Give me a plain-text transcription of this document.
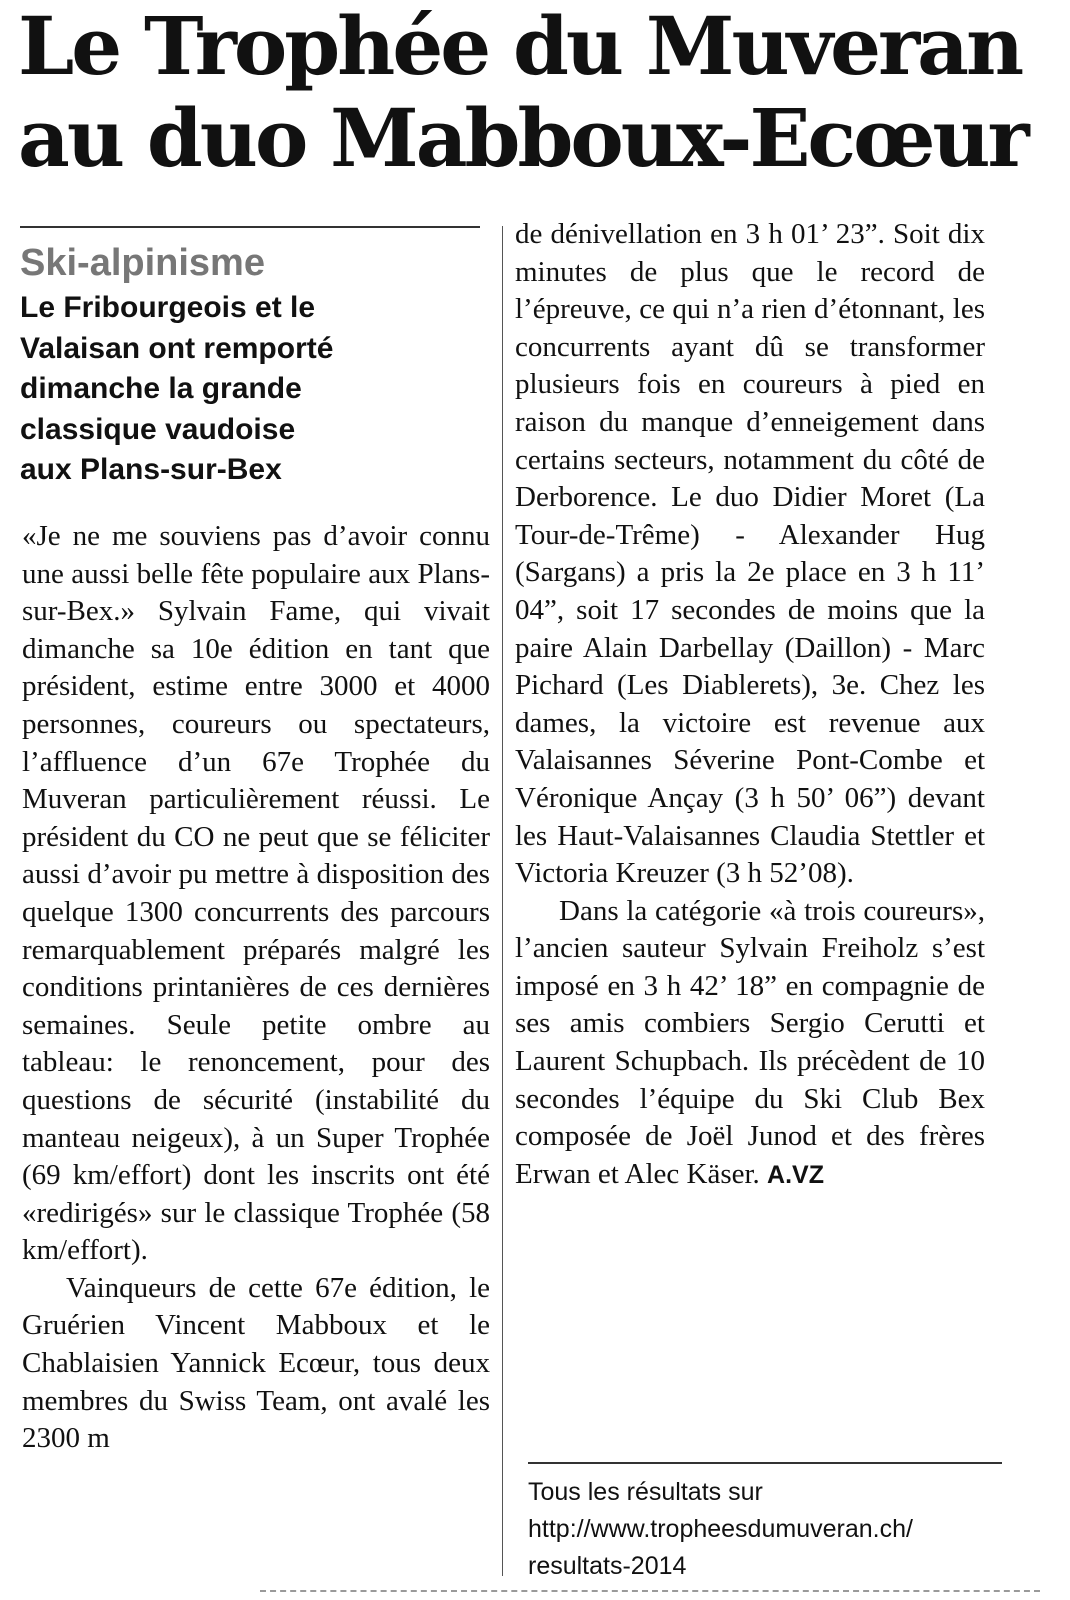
Le Trophée du Muveran
au duo Mabboux-Ecœur
Ski-alpinisme
Le Fribourgeois et le
Valaisan ont remporté
dimanche la grande
classique vaudoise
aux Plans-sur-Bex

«Je ne me souviens pas d’avoir connu une aussi belle fête populaire aux Plans-sur-Bex.» Sylvain Fame, qui vivait dimanche sa 10e édition en tant que président, estime entre 3000 et 4000 personnes, coureurs ou spectateurs, l’affluence d’un 67e Trophée du Muveran particulièrement réussi. Le président du CO ne peut que se féliciter aussi d’avoir pu mettre à disposition des quelque 1300 concurrents des parcours remarquablement préparés malgré les conditions printanières de ces dernières semaines. Seule petite ombre au tableau: le renoncement, pour des questions de sécurité (instabilité du manteau neigeux), à un Super Trophée (69 km/effort) dont les inscrits ont été «redirigés» sur le classique Trophée (58 km/effort).

Vainqueurs de cette 67e édition, le Gruérien Vincent Mabboux et le Chablaisien Yannick Ecœur, tous deux membres du Swiss Team, ont avalé les 2300 m

de dénivellation en 3 h 01’ 23”. Soit dix minutes de plus que le record de l’épreuve, ce qui n’a rien d’étonnant, les concurrents ayant dû se transformer plusieurs fois en coureurs à pied en raison du manque d’enneigement dans certains secteurs, notamment du côté de Derborence. Le duo Didier Moret (La Tour-de-Trême) - Alexander Hug (Sargans) a pris la 2e place en 3 h 11’ 04”, soit 17 secondes de moins que la paire Alain Darbellay (Daillon) - Marc Pichard (Les Diablerets), 3e. Chez les dames, la victoire est revenue aux Valaisannes Séverine Pont-Combe et Véronique Ançay (3 h 50’ 06”) devant les Haut-Valaisannes Claudia Stettler et Victoria Kreuzer (3 h 52’08).

Dans la catégorie «à trois coureurs», l’ancien sauteur Sylvain Freiholz s’est imposé en 3 h 42’ 18” en compagnie de ses amis combiers Sergio Cerutti et Laurent Schupbach. Ils précèdent de 10 secondes l’équipe du Ski Club Bex composée de Joël Junod et des frères Erwan et Alec Käser. A.VZ

Tous les résultats sur
http://www.tropheesdumuveran.ch/
resultats-2014
